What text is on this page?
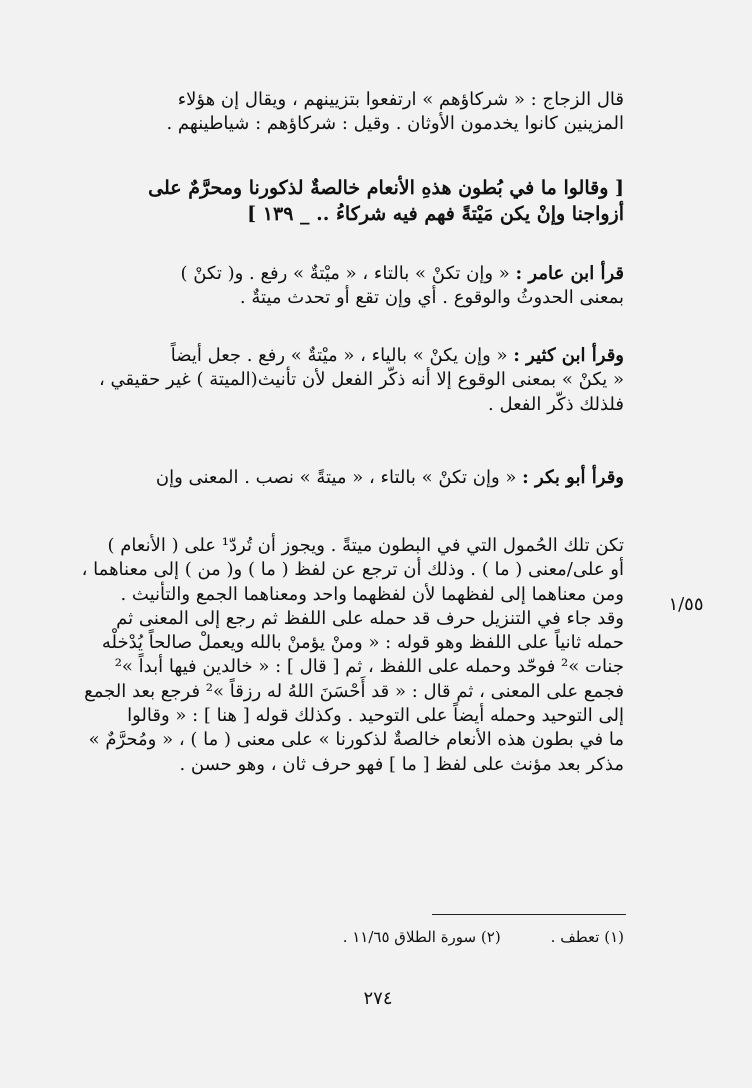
قال الزجاج : « شركاؤهم » ارتفعوا بتزيينهم ، ويقال إن هؤلاء
المزينين كانوا يخدمون الأوثان . وقيل : شركاؤهم : شياطينهم .
[ وقالوا ما في بُطون هذهِ الأنعام خالصةٌ لذكورنا ومحرَّمٌ على
أزواجنا وإنْ يكن مَيْتةً فهم فيه شركاءُ .. _ ١٣٩ ]
قرأ ابن عامر : « وإن تكنْ » بالتاء ، « ميْتةٌ » رفع . و( تكنْ )
بمعنى الحدوثُ والوقوع . أي وإن تقع أو تحدث ميتةٌ .
وقرأ ابن كثير : « وإن يكنْ » بالياء ، « ميْتةٌ » رفع . جعل أيضاً
« يكنْ » بمعنى الوقوع إلا أنه ذكّر الفعل لأن تأنيث(الميتة ) غير حقيقي ،
فلذلك ذكّر الفعل .
وقرأ أبو بكر : « وإن تكنْ » بالتاء ، « ميتةً » نصب . المعنى وإن
تكن تلك الحُمول التي في البطون ميتةً . ويجوز أن تُردّ¹ على ( الأنعام )
أو على/معنى ( ما ) . وذلك أن ترجع عن لفظ ( ما ) و( من ) إلى معناهما ،
ومن معناهما إلى لفظهما لأن لفظهما واحد ومعناهما الجمع والتأنيث .
وقد جاء في التنزيل حرف قد حمله على اللفظ ثم رجع إلى المعنى ثم
حمله ثانياً على اللفظ وهو قوله : « ومنْ يؤمنْ بالله ويعملْ صالحاً يُدْخلْه
جنات »² فوحّد وحمله على اللفظ ، ثم [ قال ] : « خالدين فيها أبداً »²
فجمع على المعنى ، ثم قال : « قد أَحْسَنَ اللهُ له رزقاً »² فرجع بعد الجمع
إلى التوحيد وحمله أيضاً على التوحيد . وكذلك قوله [ هنا ] : « وقالوا
ما في بطون هذه الأنعام خالصةٌ لذكورنا » على معنى ( ما ) ، « ومُحرَّمٌ »
مذكر بعد مؤنث على لفظ [ ما ] فهو حرف ثان ، وهو حسن .
١/٥٥
(١) تعطف .
(٢) سورة الطلاق ١١/٦٥ .
٢٧٤
